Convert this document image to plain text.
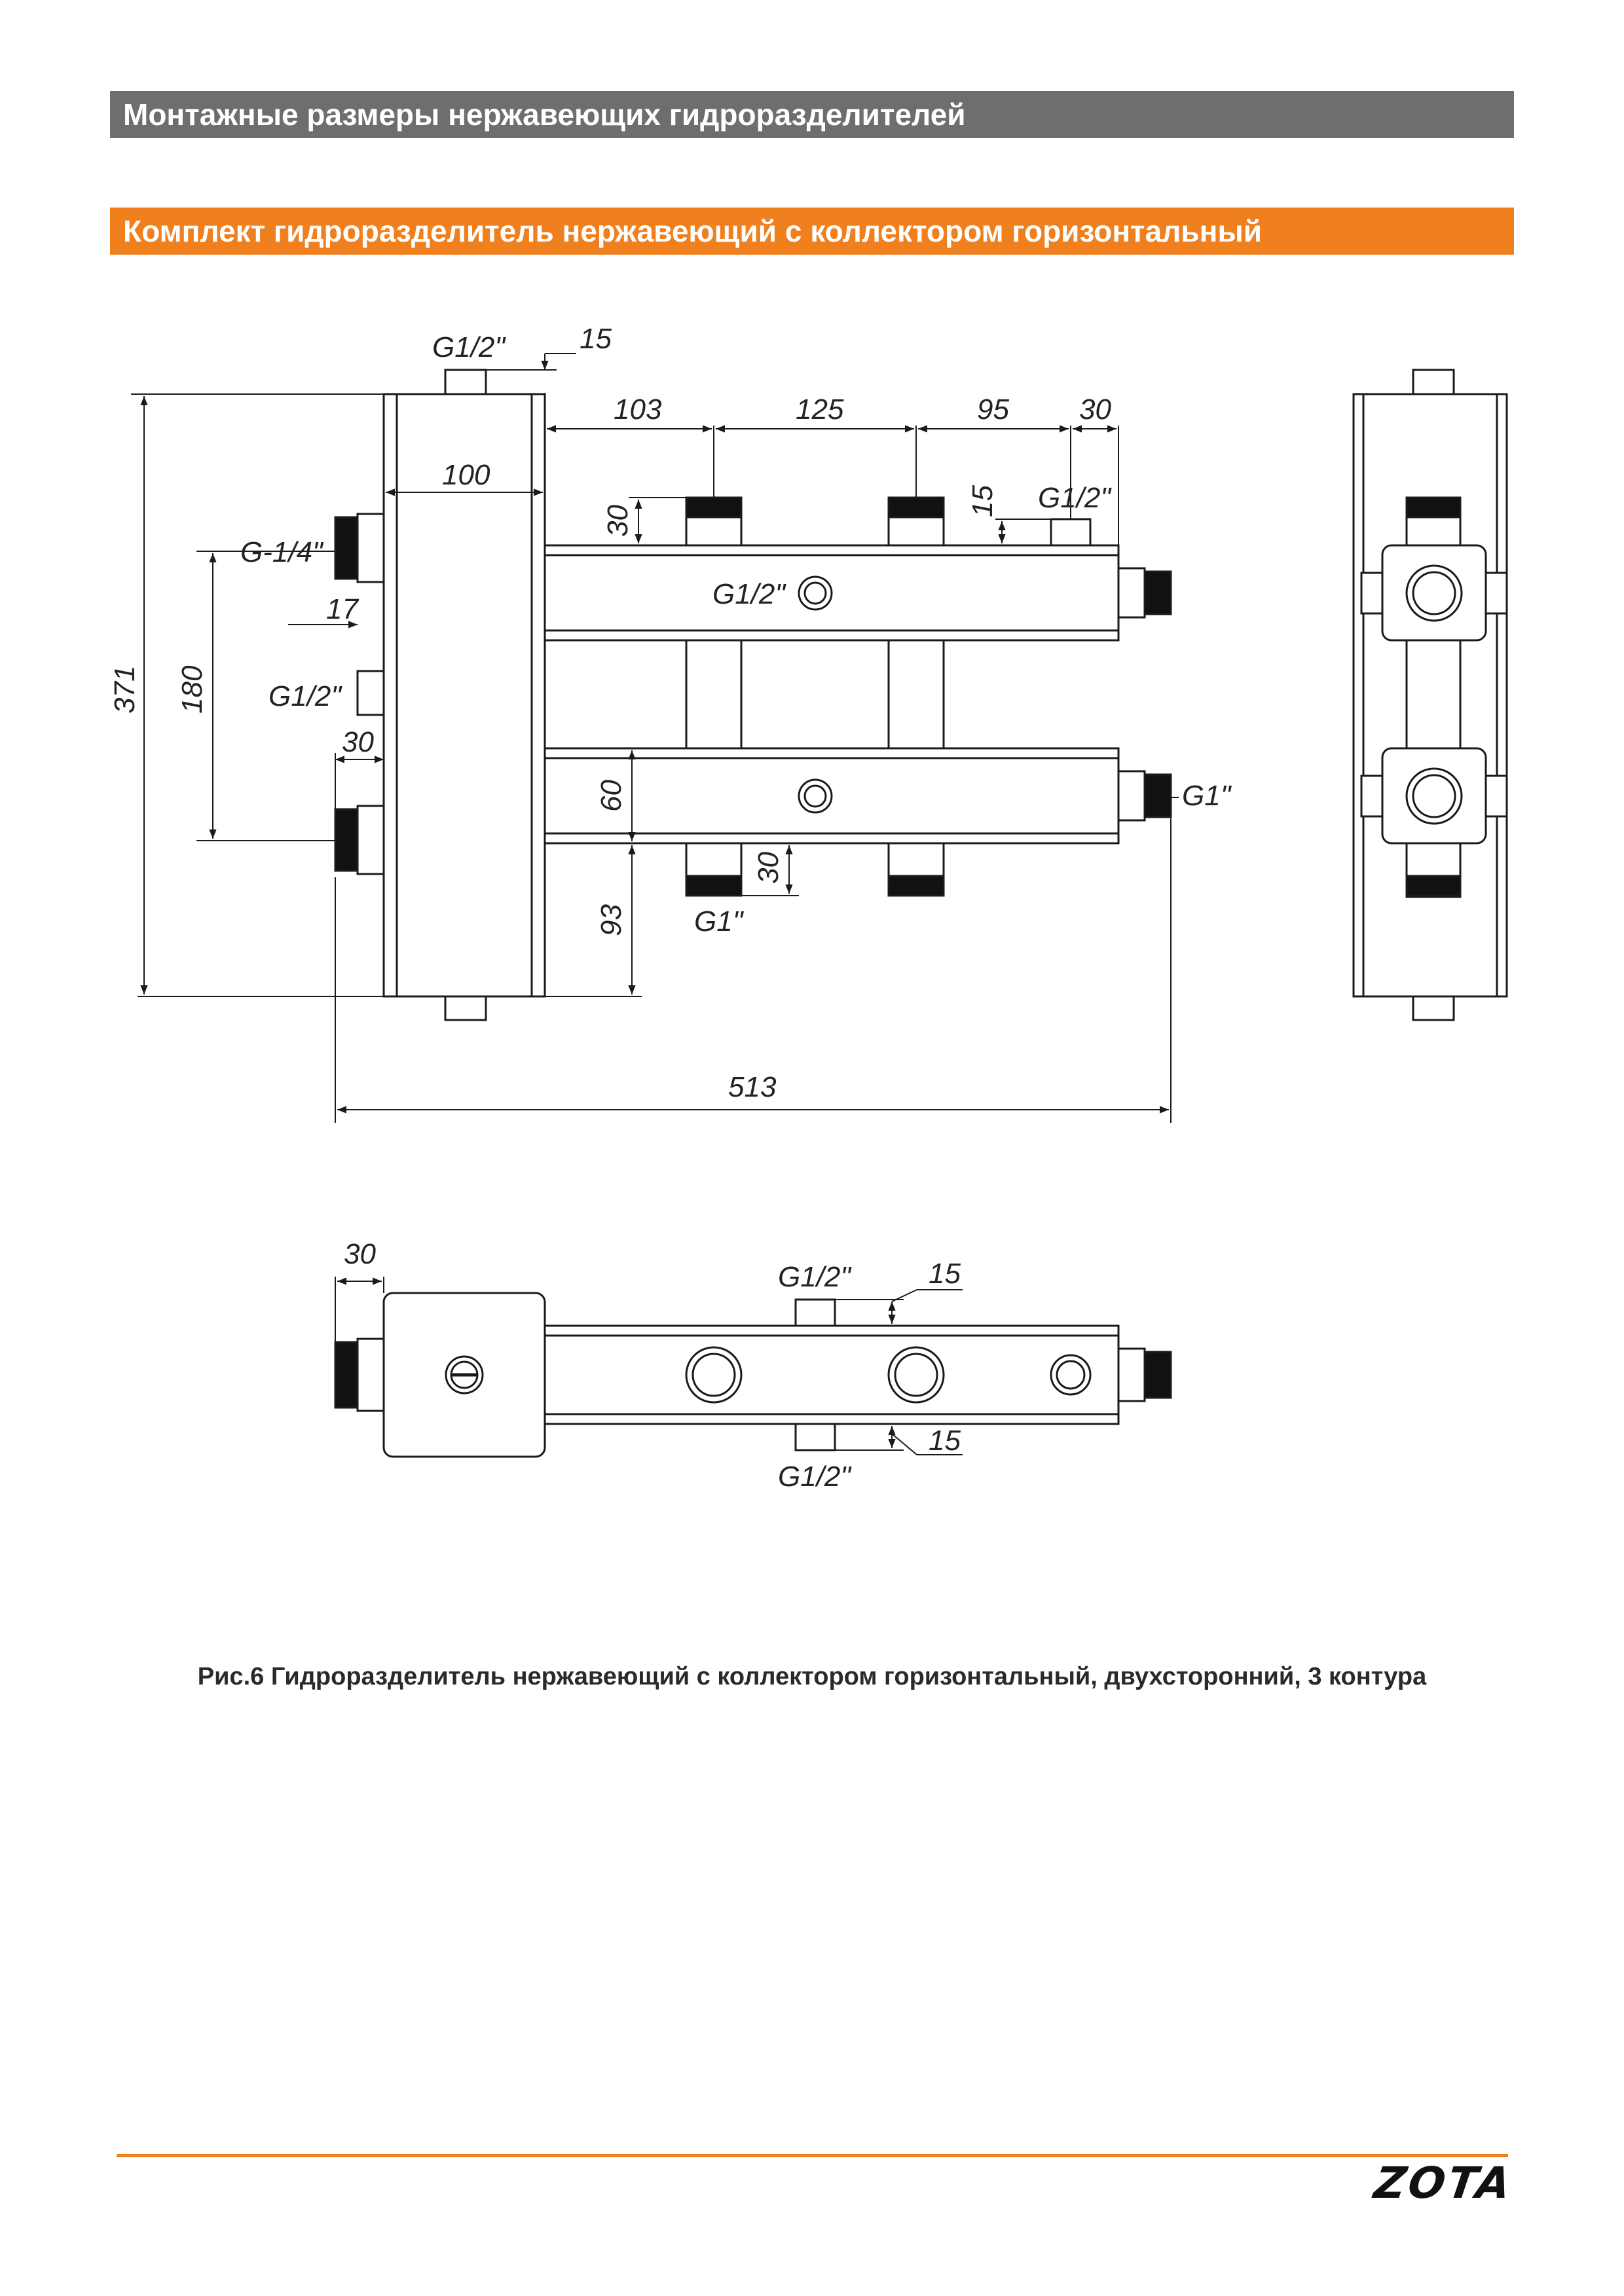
Монтажные размеры нержавеющих гидроразделителей
Комплект гидроразделитель нержавеющий с коллектором горизонтальный
G1/2"	15
103	125	95 30
100
30
15 G1/2"
G-1/4"
17
371 180 G1/2"
30
G1/2"
60
93
30
G1"
G1"
513
30
G1/2"	15
15
G1/2"
Рис.6 Гидроразделитель нержавеющий с коллектором горизонтальный, двухсторонний, 3 контура
ZOTA
